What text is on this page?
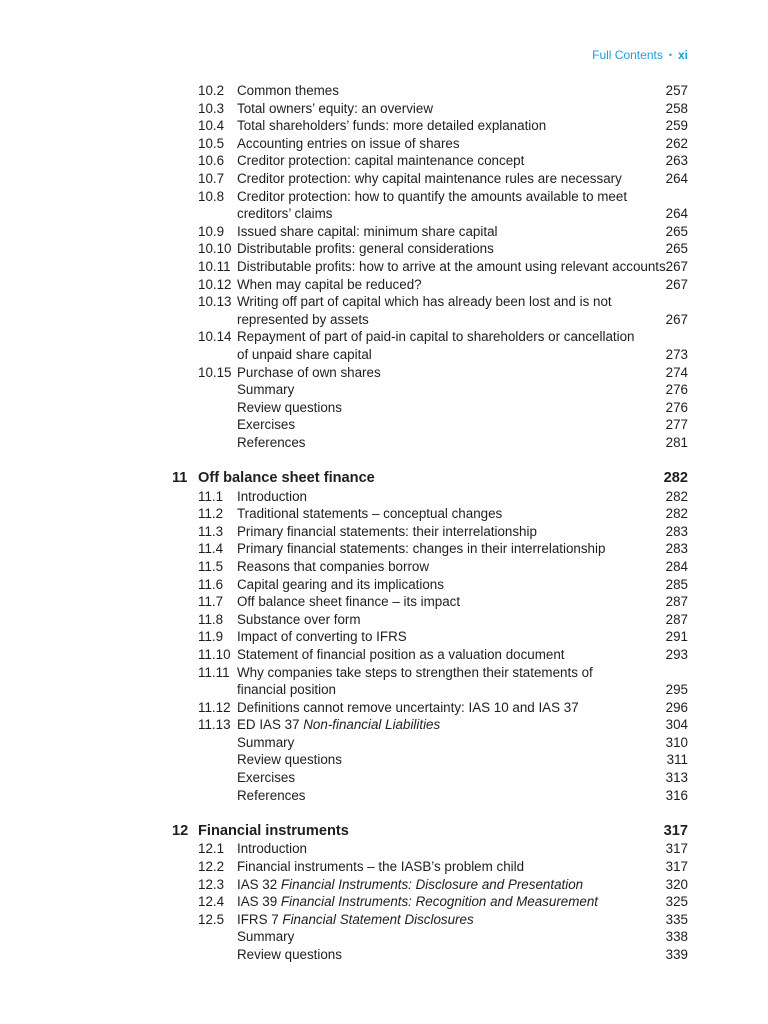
Full Contents • xi
10.2 Common themes	257
10.3 Total owners’ equity: an overview	258
10.4 Total shareholders’ funds: more detailed explanation	259
10.5 Accounting entries on issue of shares	262
10.6 Creditor protection: capital maintenance concept	263
10.7 Creditor protection: why capital maintenance rules are necessary	264
10.8 Creditor protection: how to quantify the amounts available to meet
creditors’ claims	264
10.9 Issued share capital: minimum share capital	265
10.10 Distributable profits: general considerations	265
10.11 Distributable profits: how to arrive at the amount using relevant accounts 267
10.12 When may capital be reduced?	267
10.13 Writing off part of capital which has already been lost and is not
represented by assets	267
10.14 Repayment of part of paid-in capital to shareholders or cancellation
of unpaid share capital	273
10.15 Purchase of own shares	274
Summary	276
Review questions	276
Exercises	277
References	281
11 Off balance sheet finance	282
11.1 Introduction	282
11.2 Traditional statements – conceptual changes	282
11.3 Primary financial statements: their interrelationship	283
11.4 Primary financial statements: changes in their interrelationship	283
11.5 Reasons that companies borrow	284
11.6 Capital gearing and its implications	285
11.7 Off balance sheet finance – its impact	287
11.8 Substance over form	287
11.9 Impact of converting to IFRS	291
11.10 Statement of financial position as a valuation document	293
11.11 Why companies take steps to strengthen their statements of
financial position	295
11.12 Definitions cannot remove uncertainty: IAS 10 and IAS 37	296
11.13 ED IAS 37 Non-financial Liabilities	304
Summary	310
Review questions	311
Exercises	313
References	316
12 Financial instruments	317
12.1 Introduction	317
12.2 Financial instruments – the IASB’s problem child	317
12.3 IAS 32 Financial Instruments: Disclosure and Presentation	320
12.4 IAS 39 Financial Instruments: Recognition and Measurement	325
12.5 IFRS 7 Financial Statement Disclosures	335
Summary	338
Review questions	339
